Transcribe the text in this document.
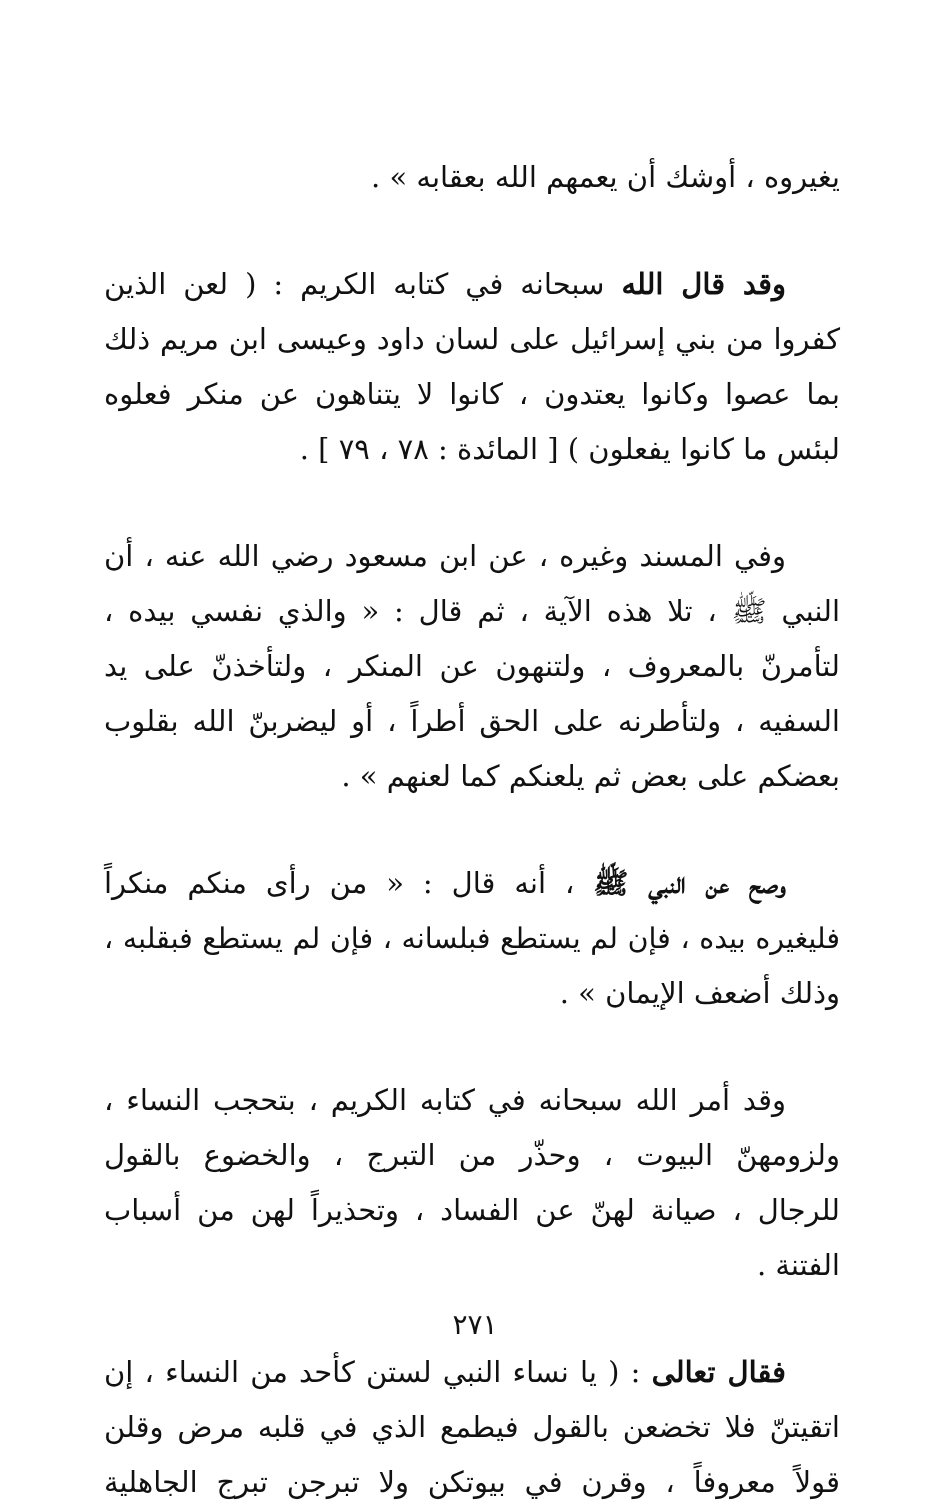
يغيروه ، أوشك أن يعمهم الله بعقابه » .

وقد قال الله سبحانه في كتابه الكريم : ( لعن الذين
كفروا من بني إسرائيل على لسان داود وعيسى ابن مريم ذلك
بما عصوا وكانوا يعتدون ، كانوا لا يتناهون عن منكر فعلوه
لبئس ما كانوا يفعلون ) [ المائدة : ٧٨ ، ٧٩ ] .

وفي المسند وغيره ، عن ابن مسعود رضي الله عنه ، أن
النبي ﷺ ، تلا هذه الآية ، ثم قال : « والذي نفسي بيده ،
لتأمرنّ بالمعروف ، ولتنهون عن المنكر ، ولتأخذنّ على يد
السفيه ، ولتأطرنه على الحق أطراً ، أو ليضربنّ الله بقلوب
بعضكم على بعض ثم يلعنكم كما لعنهم » .

وصح عن النبي ﷺ ، أنه قال : « من رأى منكم منكراً
فليغيره بيده ، فإن لم يستطع فبلسانه ، فإن لم يستطع فبقلبه ،
وذلك أضعف الإيمان » .

وقد أمر الله سبحانه في كتابه الكريم ، بتحجب النساء ،
ولزومهنّ البيوت ، وحذّر من التبرج ، والخضوع بالقول
للرجال ، صيانة لهنّ عن الفساد ، وتحذيراً لهن من أسباب
الفتنة .

فقال تعالى : ( يا نساء النبي لستن كأحد من النساء ، إن
اتقيتنّ فلا تخضعن بالقول فيطمع الذي في قلبه مرض وقلن
قولاً معروفاً ، وقرن في بيوتكن ولا تبرجن تبرج الجاهلية

٢٧١
